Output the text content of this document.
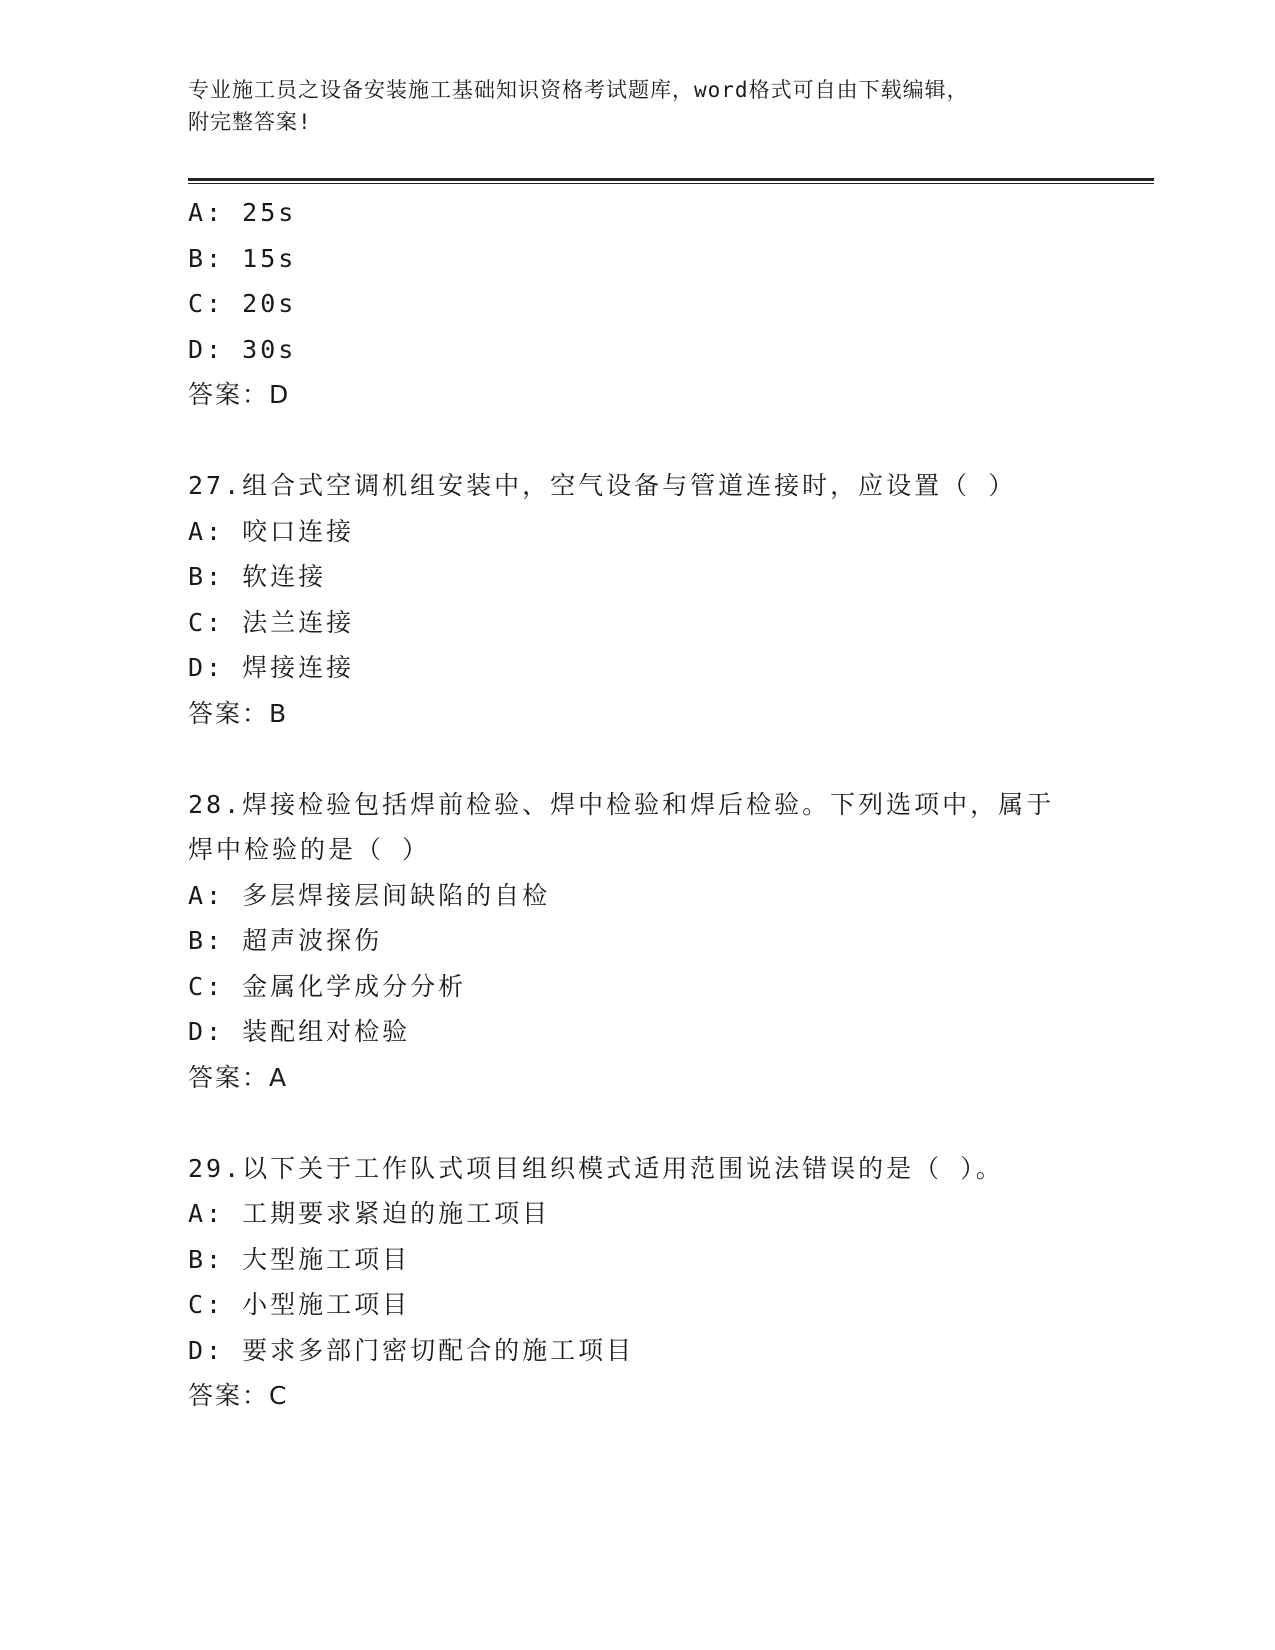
专业施工员之设备安装施工基础知识资格考试题库，word格式可自由下载编辑，
附完整答案!
A: 25s
B: 15s
C: 20s
D: 30s
答案：D
27.组合式空调机组安装中，空气设备与管道连接时，应设置（ ）
A: 咬口连接
B: 软连接
C: 法兰连接
D: 焊接连接
答案：B
28.焊接检验包括焊前检验、焊中检验和焊后检验。下列选项中，属于
焊中检验的是（ ）
A: 多层焊接层间缺陷的自检
B: 超声波探伤
C: 金属化学成分分析
D: 装配组对检验
答案：A
29.以下关于工作队式项目组织模式适用范围说法错误的是（ ）。
A: 工期要求紧迫的施工项目
B: 大型施工项目
C: 小型施工项目
D: 要求多部门密切配合的施工项目
答案：C
